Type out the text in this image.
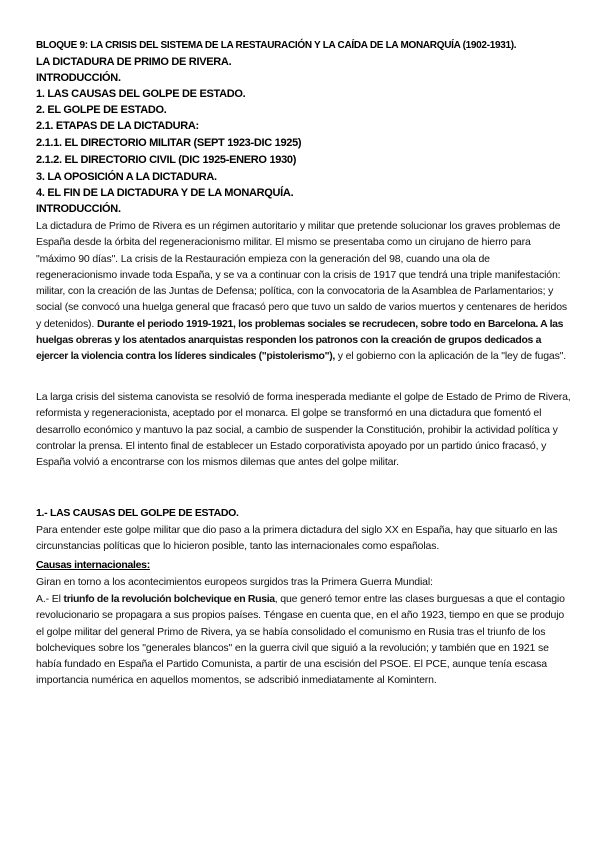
BLOQUE 9: LA CRISIS DEL SISTEMA DE LA RESTAURACIÓN Y LA CAÍDA DE LA MONARQUÍA (1902-1931).
LA DICTADURA DE PRIMO DE RIVERA.
INTRODUCCIÓN.
1. LAS CAUSAS DEL GOLPE DE ESTADO.
2. EL GOLPE DE ESTADO.
2.1. ETAPAS DE LA DICTADURA:
2.1.1. EL DIRECTORIO MILITAR (SEPT 1923-DIC 1925)
2.1.2. EL DIRECTORIO CIVIL (DIC 1925-ENERO 1930)
3. LA OPOSICIÓN A LA DICTADURA.
4. EL FIN DE LA DICTADURA Y DE LA MONARQUÍA.
INTRODUCCIÓN.
La dictadura de Primo de Rivera es un régimen autoritario y militar que pretende solucionar los graves problemas de España desde la órbita del regeneracionismo militar. El mismo se presentaba como un cirujano de hierro para "máximo 90 días". La crisis de la Restauración empieza con la generación del 98, cuando una ola de regeneracionismo invade toda España, y se va a continuar con la crisis de 1917 que tendrá una triple manifestación: militar, con la creación de las Juntas de Defensa; política, con la convocatoria de la Asamblea de Parlamentarios; y social (se convocó una huelga general que fracasó pero que tuvo un saldo de varios muertos y centenares de heridos y detenidos). Durante el periodo 1919-1921, los problemas sociales se recrudecen, sobre todo en Barcelona. A las huelgas obreras y los atentados anarquistas responden los patronos con la creación de grupos dedicados a ejercer la violencia contra los líderes sindicales ("pistolerismo"), y el gobierno con la aplicación de la "ley de fugas".
La larga crisis del sistema canovista se resolvió de forma inesperada mediante el golpe de Estado de Primo de Rivera, reformista y regeneracionista, aceptado por el monarca. El golpe se transformó en una dictadura que fomentó el desarrollo económico y mantuvo la paz social, a cambio de suspender la Constitución, prohibir la actividad política y controlar la prensa. El intento final de establecer un Estado corporativista apoyado por un partido único fracasó, y España volvió a encontrarse con los mismos dilemas que antes del golpe militar.
1.- LAS CAUSAS DEL GOLPE DE ESTADO.
Para entender este golpe militar que dio paso a la primera dictadura del siglo XX en España, hay que situarlo en las circunstancias políticas que lo hicieron posible, tanto las internacionales como españolas.
Causas internacionales:
Giran en torno a los acontecimientos europeos surgidos tras la Primera Guerra Mundial:
A.- El triunfo de la revolución bolchevique en Rusia, que generó temor entre las clases burguesas a que el contagio revolucionario se propagara a sus propios países. Téngase en cuenta que, en el año 1923, tiempo en que se produjo el golpe militar del general Primo de Rivera, ya se había consolidado el comunismo en Rusia tras el triunfo de los bolcheviques sobre los "generales blancos" en la guerra civil que siguió a la revolución; y también que en 1921 se había fundado en España el Partido Comunista, a partir de una escisión del PSOE. El PCE, aunque tenía escasa importancia numérica en aquellos momentos, se adscribió inmediatamente al Komintern.
